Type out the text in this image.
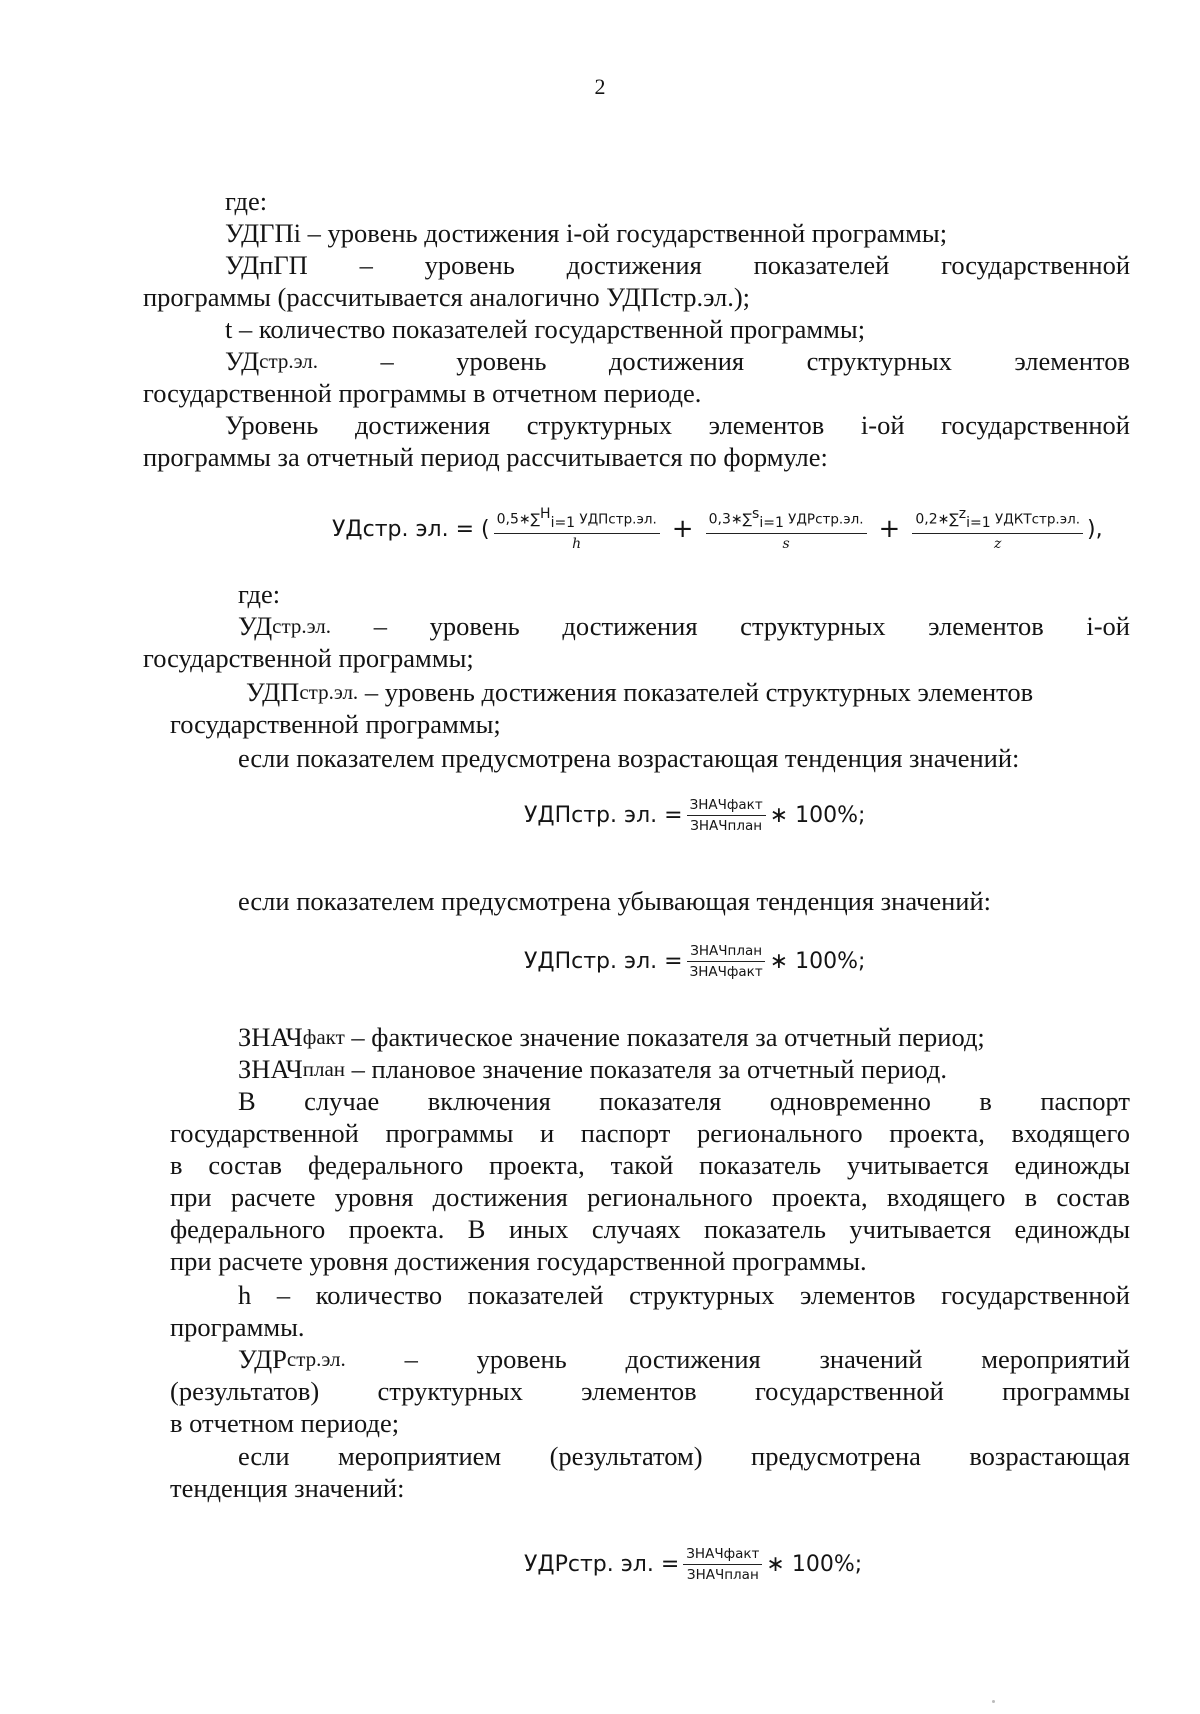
2
где:
УДГПi – уровень достижения i-ой государственной программы;
УДпГП – уровень достижения показателей государственной
программы (рассчитывается аналогично УДПстр.эл.);
t – количество показателей государственной программы;
УД стр.эл. – уровень достижения структурных элементов
государственной программы в отчетном периоде.
Уровень достижения структурных элементов i-ой государственной
программы за отчетный период рассчитывается по формуле:
УДстр. эл. = ( $\frac{0,5∗\sum^H_{i=1} УДПстр.эл.}{h} + \frac{0,3∗\sum^s_{i=1} УДРстр.эл.}{s} + \frac{0,2∗\sum^z_{i=1} УДКТстр.эл.}{z}$ ),
где:
УД стр.эл. – уровень достижения структурных элементов i-ой
государственной программы;
УДП стр.эл. – уровень достижения показателей структурных элементов
государственной программы;
если показателем предусмотрена возрастающая тенденция значений:
УДПстр. эл. = $\frac{\text{ЗНАЧфакт}}{\text{ЗНАЧплан}}$ ∗ 100%;
если показателем предусмотрена убывающая тенденция значений:
УДПстр. эл. = $\frac{\text{ЗНАЧплан}}{\text{ЗНАЧфакт}}$ ∗ 100%;
ЗНАЧ факт – фактическое значение показателя за отчетный период;
ЗНАЧ план – плановое значение показателя за отчетный период.
В случае включения показателя одновременно в паспорт
государственной программы и паспорт регионального проекта, входящего
в состав федерального проекта, такой показатель учитывается единожды
при расчете уровня достижения регионального проекта, входящего в состав
федерального проекта. В иных случаях показатель учитывается единожды
при расчете уровня достижения государственной программы.
h – количество показателей структурных элементов государственной
программы.
УДР стр.эл. – уровень достижения значений мероприятий
(результатов) структурных элементов государственной программы
в отчетном периоде;
если мероприятием (результатом) предусмотрена возрастающая
тенденция значений:
УДРстр. эл. = $\frac{\text{ЗНАЧфакт}}{\text{ЗНАЧплан}}$ ∗ 100%;
